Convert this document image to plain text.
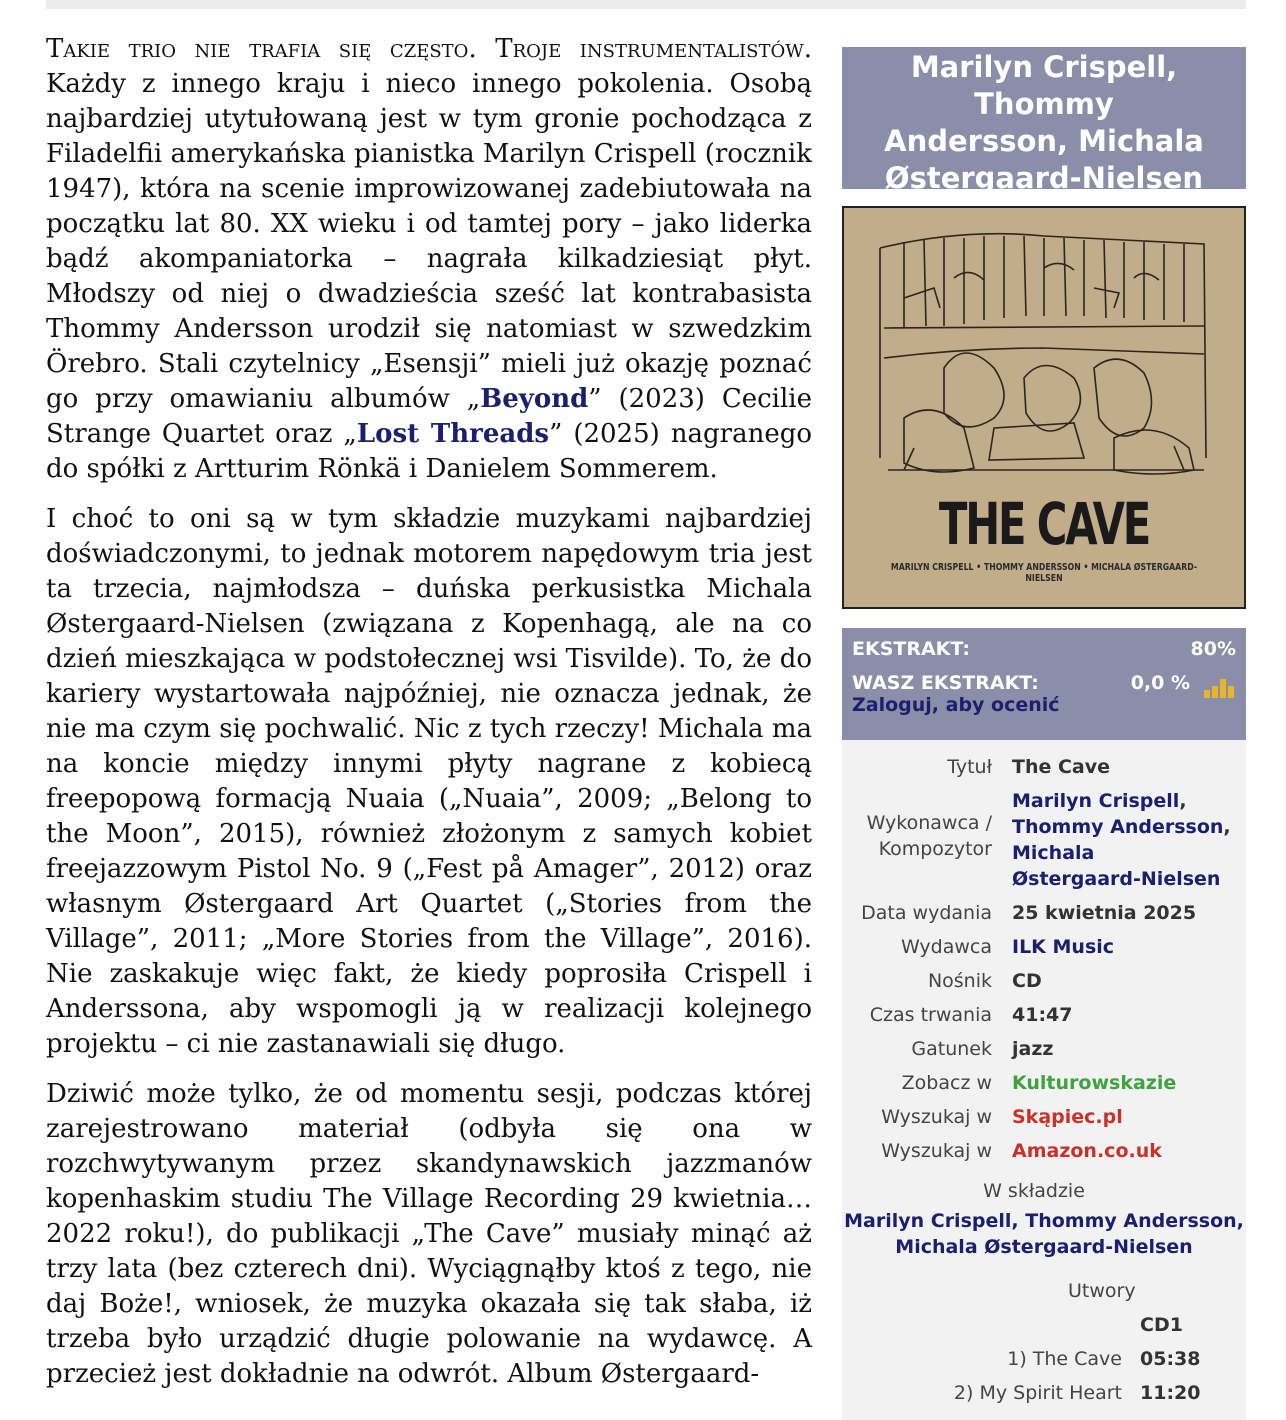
Takie trio nie trafia się często. Troje instrumentalistów. Każdy z innego kraju i nieco innego pokolenia. Osobą najbardziej utytułowaną jest w tym gronie pochodząca z Filadelfii amerykańska pianistka Marilyn Crispell (rocznik 1947), która na scenie improwizowanej zadebiutowała na początku lat 80. XX wieku i od tamtej pory – jako liderka bądź akompaniatorka – nagrała kilkadziesiąt płyt. Młodszy od niej o dwadzieścia sześć lat kontrabasista Thommy Andersson urodził się natomiast w szwedzkim Örebro. Stali czytelnicy „Esensji” mieli już okazję poznać go przy omawianiu albumów „Beyond” (2023) Cecilie Strange Quartet oraz „Lost Threads” (2025) nagranego do spółki z Artturim Rönkä i Danielem Sommerem.

I choć to oni są w tym składzie muzykami najbardziej doświadczonymi, to jednak motorem napędowym tria jest ta trzecia, najmłodsza – duńska perkusistka Michala Østergaard-Nielsen (związana z Kopenhagą, ale na co dzień mieszkająca w podstołecznej wsi Tisvilde). To, że do kariery wystartowała najpóźniej, nie oznacza jednak, że nie ma czym się pochwalić. Nic z tych rzeczy! Michala ma na koncie między innymi płyty nagrane z kobiecą freepopową formacją Nuaia („Nuaia”, 2009; „Belong to the Moon”, 2015), również złożonym z samych kobiet freejazzowym Pistol No. 9 („Fest på Amager”, 2012) oraz własnym Østergaard Art Quartet („Stories from the Village”, 2011; „More Stories from the Village”, 2016). Nie zaskakuje więc fakt, że kiedy poprosiła Crispell i Anderssona, aby wspomogli ją w realizacji kolejnego projektu – ci nie zastanawiali się długo.

Dziwić może tylko, że od momentu sesji, podczas której zarejestrowano materiał (odbyła się ona w rozchwytywanym przez skandynawskich jazzmanów kopenhaskim studiu The Village Recording 29 kwietnia… 2022 roku!), do publikacji „The Cave” musiały minąć aż trzy lata (bez czterech dni). Wyciągnąłby ktoś z tego, nie daj Boże!, wniosek, że muzyka okazała się tak słaba, iż trzeba było urządzić długie polowanie na wydawcę. A przecież jest dokładnie na odwrót. Album Østergaard-

Marilyn Crispell, Thommy
Andersson, Michala
Østergaard-Nielsen
THE CAVE
MARILYN CRISPELL • THOMMY ANDERSSON • MICHALA ØSTERGAARD-NIELSEN
EKSTRAKT:	80%
WASZ EKSTRAKT:	0,0 %
Zaloguj, aby ocenić
Tytuł	The Cave
Wykonawca / Kompozytor	Marilyn Crispell,
Thommy Andersson,
Michala Østergaard-Nielsen
Data wydania	25 kwietnia 2025
Wydawca	ILK Music
Nośnik	CD
Czas trwania	41:47
Gatunek	jazz
Zobacz w	Kulturowskazie
Wyszukaj w	Skąpiec.pl
Wyszukaj w	Amazon.co.uk
W składzie
Marilyn Crispell, Thommy Andersson,
Michala Østergaard-Nielsen
Utwory
	CD1
1) The Cave	05:38
2) My Spirit Heart	11:20
